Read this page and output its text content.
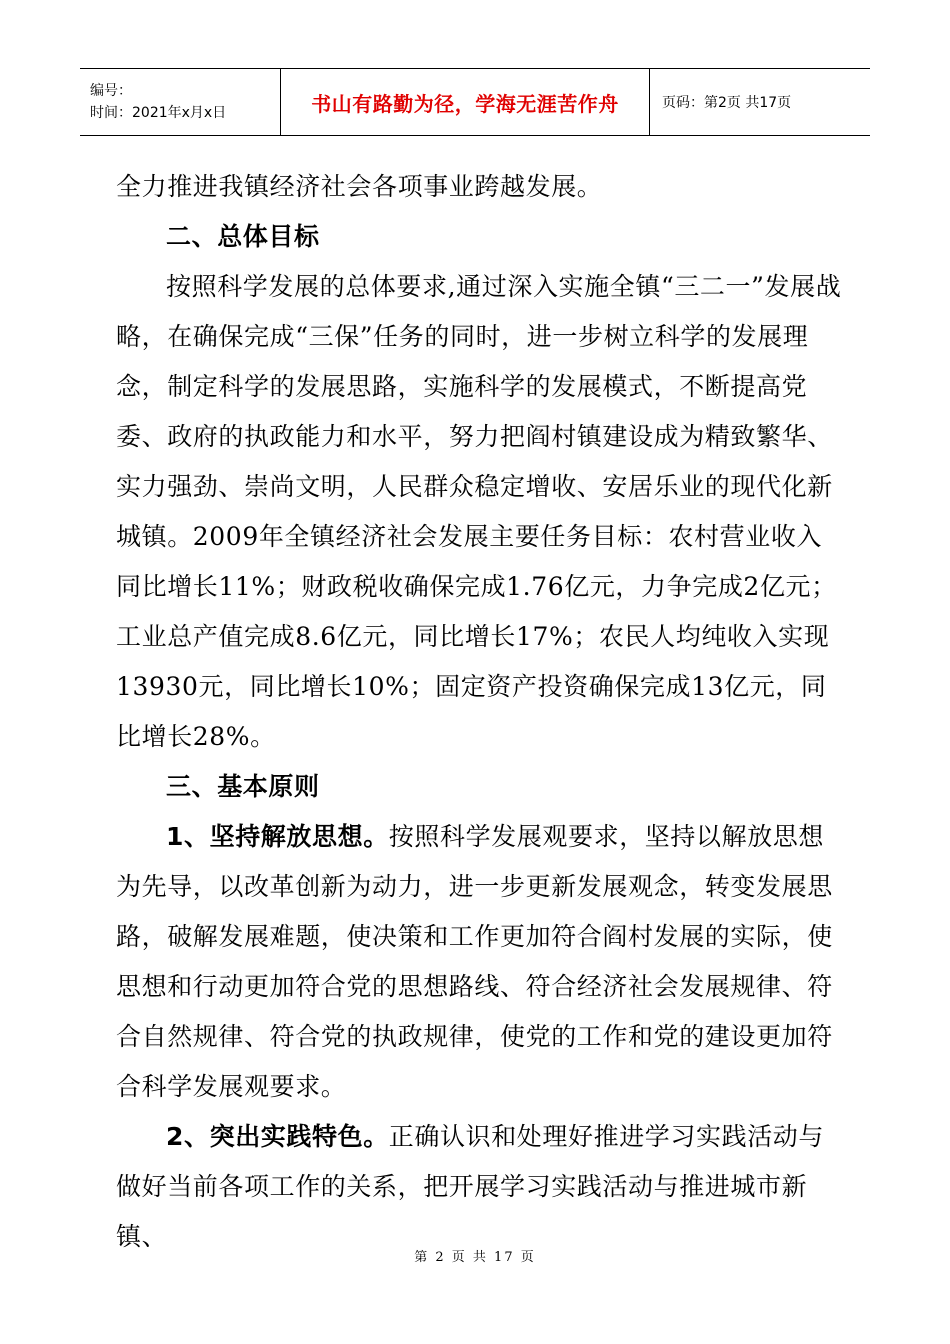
编号：
时间：2021年x月x日	书山有路勤为径，学海无涯苦作舟	页码：第2页 共17页

全力推进我镇经济社会各项事业跨越发展。

二、总体目标

按照科学发展的总体要求,通过深入实施全镇“三二一”发展战略，在确保完成“三保”任务的同时，进一步树立科学的发展理念，制定科学的发展思路，实施科学的发展模式，不断提高党委、政府的执政能力和水平，努力把阎村镇建设成为精致繁华、实力强劲、崇尚文明，人民群众稳定增收、安居乐业的现代化新城镇。2009年全镇经济社会发展主要任务目标：农村营业收入同比增长11%；财政税收确保完成1.76亿元，力争完成2亿元；工业总产值完成8.6亿元，同比增长17%；农民人均纯收入实现13930元，同比增长10%；固定资产投资确保完成13亿元，同比增长28%。

三、基本原则

1、坚持解放思想。按照科学发展观要求，坚持以解放思想为先导，以改革创新为动力，进一步更新发展观念，转变发展思路，破解发展难题，使决策和工作更加符合阎村发展的实际，使思想和行动更加符合党的思想路线、符合经济社会发展规律、符合自然规律、符合党的执政规律，使党的工作和党的建设更加符合科学发展观要求。

2、突出实践特色。正确认识和处理好推进学习实践活动与做好当前各项工作的关系，把开展学习实践活动与推进城市新镇、

第 2 页 共 17 页
